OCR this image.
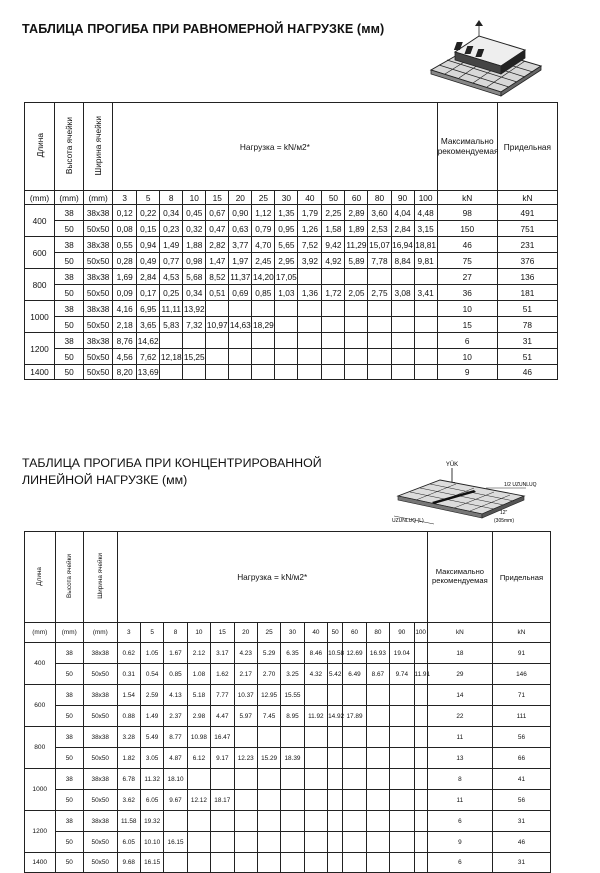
ТАБЛИЦА ПРОГИБА ПРИ РАВНОМЕРНОЙ НАГРУЗКЕ (мм)
Длина	Высота ячейки	Ширина ячейки	Нагрузка = kN/м2*														Максимально рекомендуемая	Придельная
(mm)	(mm)	(mm)	3	5	8	10	15	20	25	30	40	50	60	80	90	100	kN	kN
400	38	38x38	0,12	0,22	0,34	0,45	0,67	0,90	1,12	1,35	1,79	2,25	2,89	3,60	4,04	4,48	98	491
	50	50x50	0,08	0,15	0,23	0,32	0,47	0,63	0,79	0,95	1,26	1,58	1,89	2,53	2,84	3,15	150	751
600	38	38x38	0,55	0,94	1,49	1,88	2,82	3,77	4,70	5,65	7,52	9,42	11,29	15,07	16,94	18,81	46	231
	50	50x50	0,28	0,49	0,77	0,98	1,47	1,97	2,45	2,95	3,92	4,92	5,89	7,78	8,84	9,81	75	376
800	38	38x38	1,69	2,84	4,53	5,68	8,52	11,37	14,20	17,05							27	136
	50	50x50	0,09	0,17	0,25	0,34	0,51	0,69	0,85	1,03	1,36	1,72	2,05	2,75	3,08	3,41	36	181
1000	38	38x38	4,16	6,95	11,11	13,92											10	51
	50	50x50	2,18	3,65	5,83	7,32	10,97	14,63	18,29								15	78
1200	38	38x38	8,76	14,62													6	31
	50	50x50	4,56	7,62	12,18	15,25											10	51
1400	50	50x50	8,20	13,69													9	46
ТАБЛИЦА ПРОГИБА ПРИ КОНЦЕНТРИРОВАННОЙ
ЛИНЕЙНОЙ НАГРУЗКЕ (мм)
YÜK
1/2 UZUNLUQ
UZUNLUQ (L)
12"
(305mm)
Длина	Высота ячейки	Ширина ячейки	Нагрузка = kN/м2*														Максимально рекомендуемая	Придельная
(mm)	(mm)	(mm)	3	5	8	10	15	20	25	30	40	50	60	80	90	100	kN	kN
400	38	38x38	0.62	1.05	1.67	2.12	3.17	4.23	5.29	6.35	8.46	10.58	12.69	16.93	19.04		18	91
	50	50x50	0.31	0.54	0.85	1.08	1.62	2.17	2.70	3.25	4.32	5.42	6.49	8.67	9.74	11.91	29	146
600	38	38x38	1.54	2.59	4.13	5.18	7.77	10.37	12.95	15.55							14	71
	50	50x50	0.88	1.49	2.37	2.98	4.47	5.97	7.45	8.95	11.92	14.92	17.89				22	111
800	38	38x38	3.28	5.49	8.77	10.98	16.47										11	56
	50	50x50	1.82	3.05	4.87	6.12	9.17	12.23	15.29	18.39							13	66
1000	38	38x38	6.78	11.32	18.10												8	41
	50	50x50	3.62	6.05	9.67	12.12	18.17										11	56
1200	38	38x38	11.58	19.32													6	31
	50	50x50	6.05	10.10	16.15												9	46
1400	50	50x50	9.68	16.15													6	31
